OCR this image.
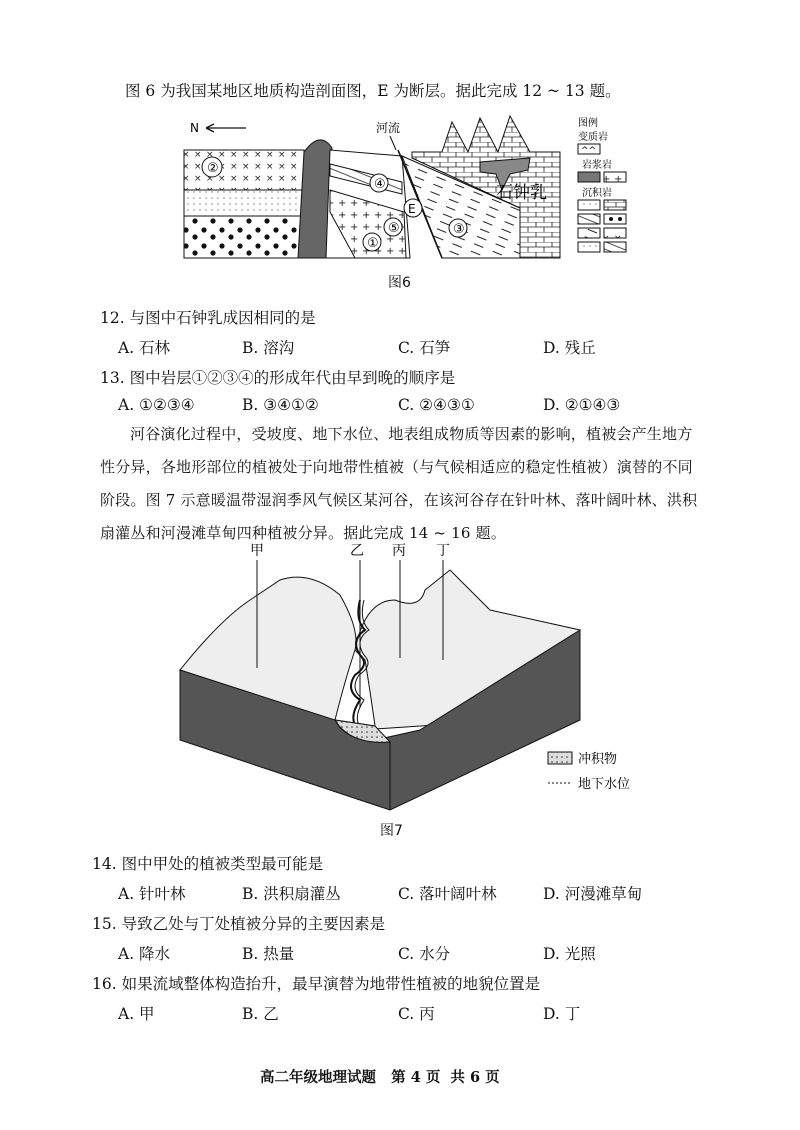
图 6 为我国某地区地质构造剖面图，E 为断层。据此完成 12 ~ 13 题。
N
②
④
①
⑤
E
③
河流
石钟乳
图例
变质岩
^^
岩浆岩
沉积岩
图6
12. 与图中石钟乳成因相同的是
A. 石林	B. 溶沟	C. 石笋	D. 残丘
13. 图中岩层①②③④的形成年代由早到晚的顺序是
A. ①②③④	B. ③④①②	C. ②④③①	D. ②①④③
河谷演化过程中，受坡度、地下水位、地表组成物质等因素的影响，植被会产生地方
性分异，各地形部位的植被处于向地带性植被（与气候相适应的稳定性植被）演替的不同
阶段。图 7 示意暖温带湿润季风气候区某河谷，在该河谷存在针叶林、落叶阔叶林、洪积
扇灌丛和河漫滩草甸四种植被分异。据此完成 14 ~ 16 题。
甲	乙 丙 丁
冲积物
地下水位
图7
14. 图中甲处的植被类型最可能是
A. 针叶林	B. 洪积扇灌丛	C. 落叶阔叶林	D. 河漫滩草甸
15. 导致乙处与丁处植被分异的主要因素是
A. 降水	B. 热量	C. 水分	D. 光照
16. 如果流域整体构造抬升，最早演替为地带性植被的地貌位置是
A. 甲	B. 乙	C. 丙	D. 丁
高二年级地理试题   第 4 页  共 6 页
